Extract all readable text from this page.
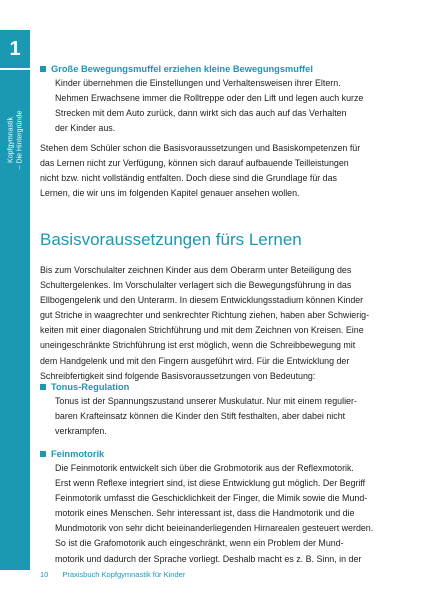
1
Kopfgymnastik – Die Hintergründe
Große Bewegungsmuffel erziehen kleine Bewegungsmuffel
Kinder übernehmen die Einstellungen und Verhaltensweisen ihrer Eltern.
Nehmen Erwachsene immer die Rolltreppe oder den Lift und legen auch kurze
Strecken mit dem Auto zurück, dann wirkt sich das auch auf das Verhalten
der Kinder aus.
Stehen dem Schüler schon die Basisvoraussetzungen und Basiskompetenzen für
das Lernen nicht zur Verfügung, können sich darauf aufbauende Teilleistungen
nicht bzw. nicht vollständig entfalten. Doch diese sind die Grundlage für das
Lernen, die wir uns im folgenden Kapitel genauer ansehen wollen.
Basisvoraussetzungen fürs Lernen
Bis zum Vorschulalter zeichnen Kinder aus dem Oberarm unter Beteiligung des
Schultergelenkes. Im Vorschulalter verlagert sich die Bewegungsführung in das
Ellbogengelenk und den Unterarm. In diesem Entwicklungsstadium können Kinder
gut Striche in waagrechter und senkrechter Richtung ziehen, haben aber Schwierig-
keiten mit einer diagonalen Strichführung und mit dem Zeichnen von Kreisen. Eine
uneingeschränkte Strichführung ist erst möglich, wenn die Schreibbewegung mit
dem Handgelenk und mit den Fingern ausgeführt wird. Für die Entwicklung der
Schreibfertigkeit sind folgende Basisvoraussetzungen von Bedeutung:
Tonus-Regulation
Tonus ist der Spannungszustand unserer Muskulatur. Nur mit einem regulier-
baren Krafteinsatz können die Kinder den Stift festhalten, aber dabei nicht
verkrampfen.
Feinmotorik
Die Feinmotorik entwickelt sich über die Grobmotorik aus der Reflexmotorik.
Erst wenn Reflexe integriert sind, ist diese Entwicklung gut möglich. Der Begriff
Feinmotorik umfasst die Geschicklichkeit der Finger, die Mimik sowie die Mund-
motorik eines Menschen. Sehr interessant ist, dass die Handmotorik und die
Mundmotorik von sehr dicht beieinanderliegenden Hirnarealen gesteuert werden.
So ist die Grafomotorik auch eingeschränkt, wenn ein Problem der Mund-
motorik und dadurch der Sprache vorliegt. Deshalb macht es z. B. Sinn, in der
10 Praxisbuch Kopfgymnastik für Kinder
